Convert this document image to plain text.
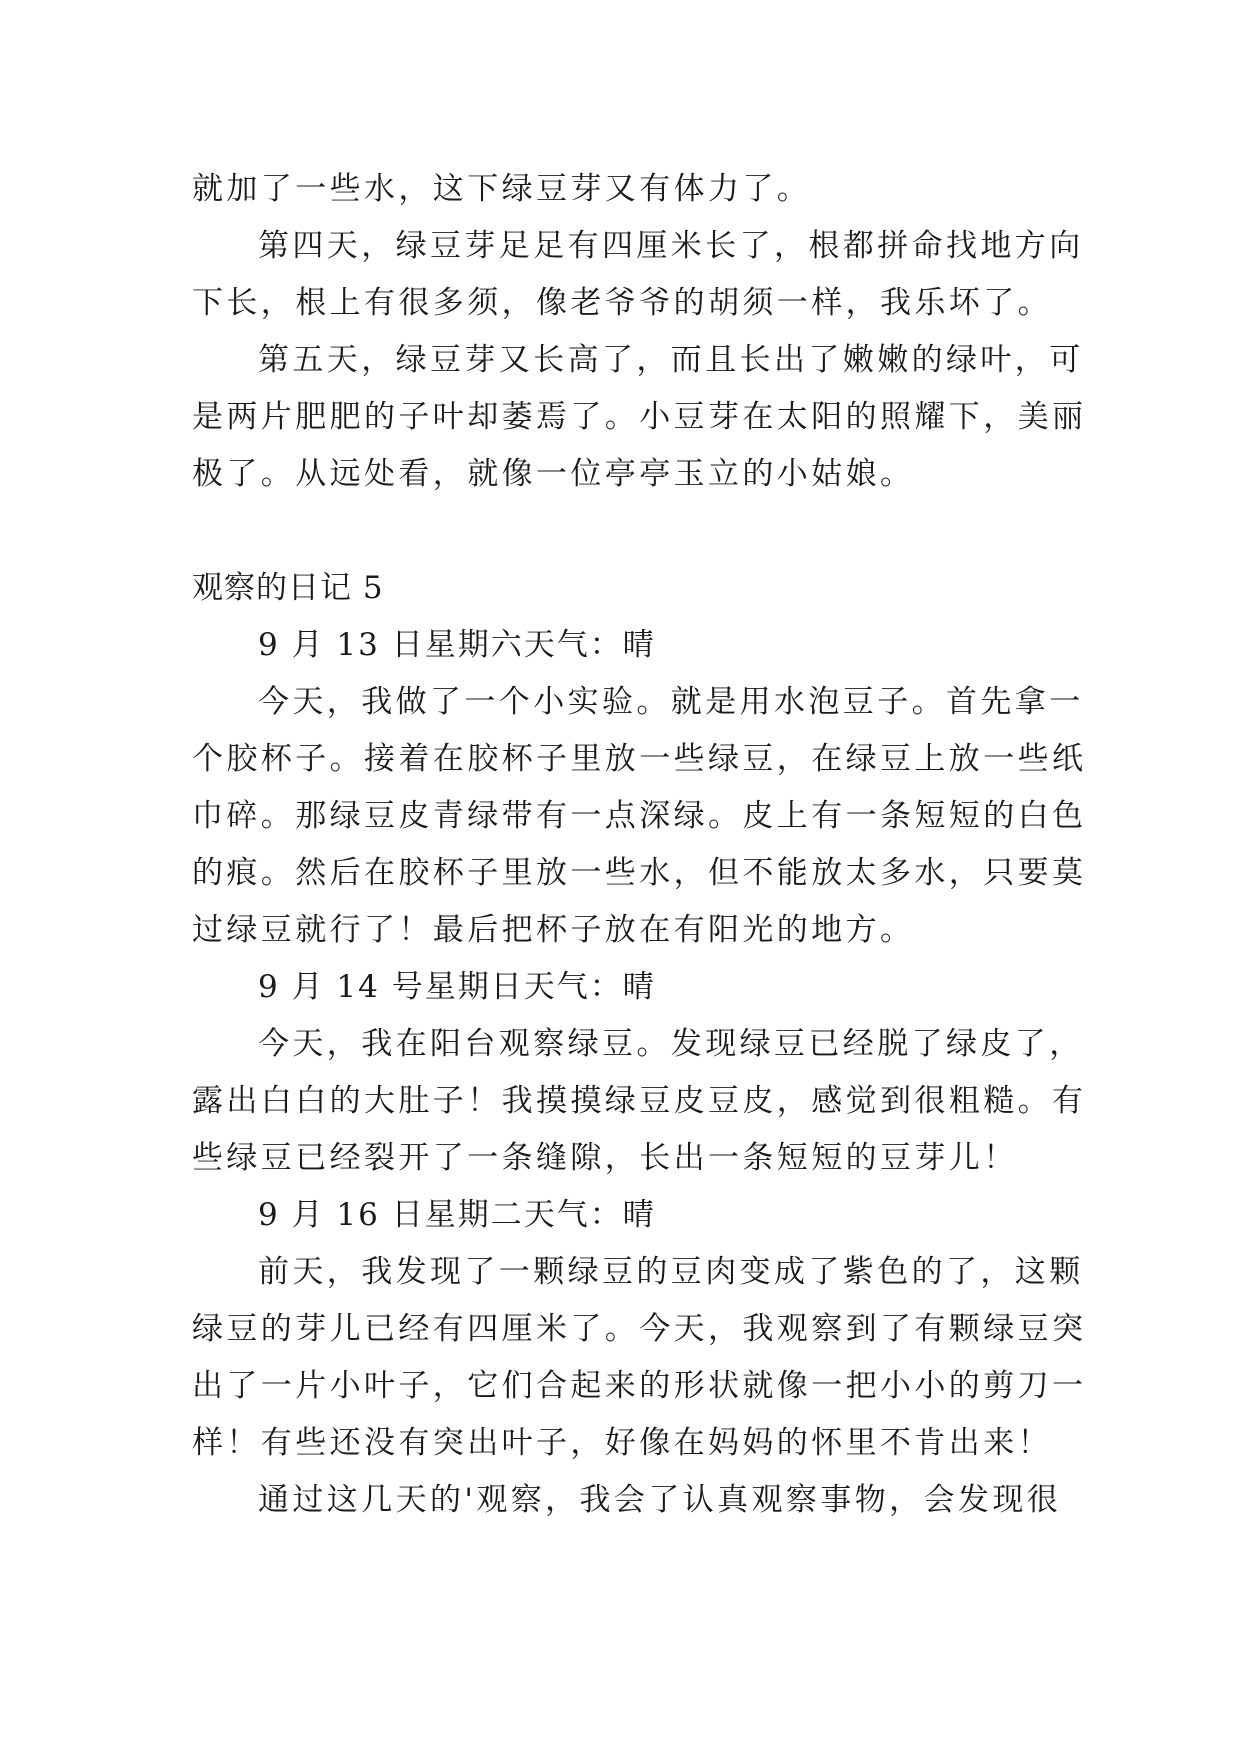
就加了一些水，这下绿豆芽又有体力了。
第四天，绿豆芽足足有四厘米长了，根都拼命找地方向
下长，根上有很多须，像老爷爷的胡须一样，我乐坏了。
第五天，绿豆芽又长高了，而且长出了嫩嫩的绿叶，可
是两片肥肥的子叶却萎焉了。小豆芽在太阳的照耀下，美丽
极了。从远处看，就像一位亭亭玉立的小姑娘。
观察的日记 5
9 月 13 日星期六天气：晴
今天，我做了一个小实验。就是用水泡豆子。首先拿一
个胶杯子。接着在胶杯子里放一些绿豆，在绿豆上放一些纸
巾碎。那绿豆皮青绿带有一点深绿。皮上有一条短短的白色
的痕。然后在胶杯子里放一些水，但不能放太多水，只要莫
过绿豆就行了！最后把杯子放在有阳光的地方。
9 月 14 号星期日天气：晴
今天，我在阳台观察绿豆。发现绿豆已经脱了绿皮了，
露出白白的大肚子！我摸摸绿豆皮豆皮，感觉到很粗糙。有
些绿豆已经裂开了一条缝隙，长出一条短短的豆芽儿！
9 月 16 日星期二天气：晴
前天，我发现了一颗绿豆的豆肉变成了紫色的了，这颗
绿豆的芽儿已经有四厘米了。今天，我观察到了有颗绿豆突
出了一片小叶子，它们合起来的形状就像一把小小的剪刀一
样！有些还没有突出叶子，好像在妈妈的怀里不肯出来！
通过这几天的'观察，我会了认真观察事物，会发现很
